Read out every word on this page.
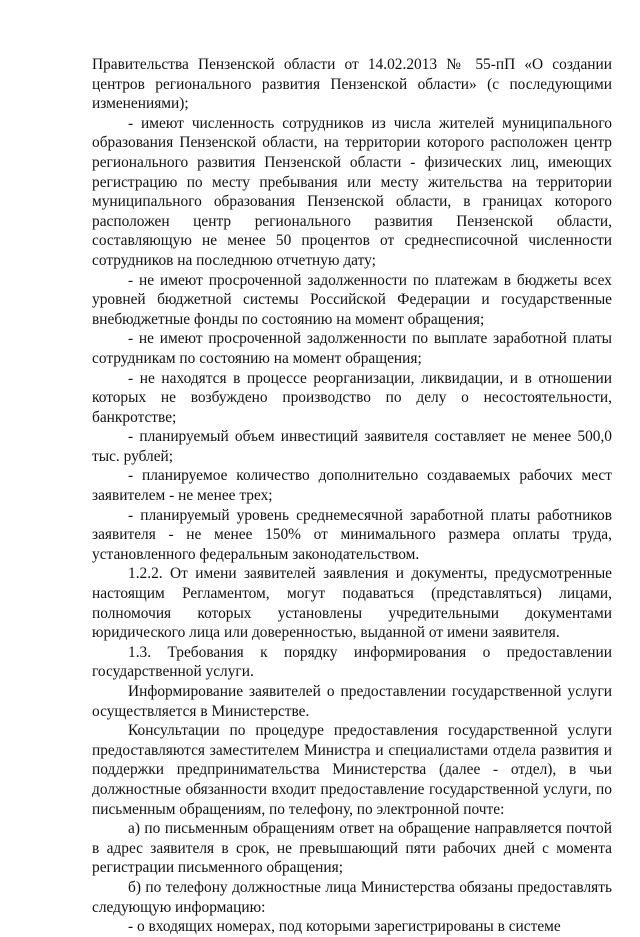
Правительства Пензенской области от 14.02.2013 № 55-пП «О создании центров регионального развития Пензенской области» (с последующими изменениями);

- имеют численность сотрудников из числа жителей муниципального образования Пензенской области, на территории которого расположен центр регионального развития Пензенской области - физических лиц, имеющих регистрацию по месту пребывания или месту жительства на территории муниципального образования Пензенской области, в границах которого расположен центр регионального развития Пензенской области, составляющую не менее 50 процентов от среднесписочной численности сотрудников на последнюю отчетную дату;

- не имеют просроченной задолженности по платежам в бюджеты всех уровней бюджетной системы Российской Федерации и государственные внебюджетные фонды по состоянию на момент обращения;

- не имеют просроченной задолженности по выплате заработной платы сотрудникам по состоянию на момент обращения;

- не находятся в процессе реорганизации, ликвидации, и в отношении которых не возбуждено производство по делу о несостоятельности, банкротстве;

- планируемый объем инвестиций заявителя составляет не менее 500,0 тыс. рублей;

- планируемое количество дополнительно создаваемых рабочих мест заявителем - не менее трех;

- планируемый уровень среднемесячной заработной платы работников заявителя - не менее 150% от минимального размера оплаты труда, установленного федеральным законодательством.

1.2.2. От имени заявителей заявления и документы, предусмотренные настоящим Регламентом, могут подаваться (представляться) лицами, полномочия которых установлены учредительными документами юридического лица или доверенностью, выданной от имени заявителя.

1.3. Требования к порядку информирования о предоставлении государственной услуги.

Информирование заявителей о предоставлении государственной услуги осуществляется в Министерстве.

Консультации по процедуре предоставления государственной услуги предоставляются заместителем Министра и специалистами отдела развития и поддержки предпринимательства Министерства (далее - отдел), в чьи должностные обязанности входит предоставление государственной услуги, по письменным обращениям, по телефону, по электронной почте:

а) по письменным обращениям ответ на обращение направляется почтой в адрес заявителя в срок, не превышающий пяти рабочих дней с момента регистрации письменного обращения;

б) по телефону должностные лица Министерства обязаны предоставлять следующую информацию:

- о входящих номерах, под которыми зарегистрированы в системе
